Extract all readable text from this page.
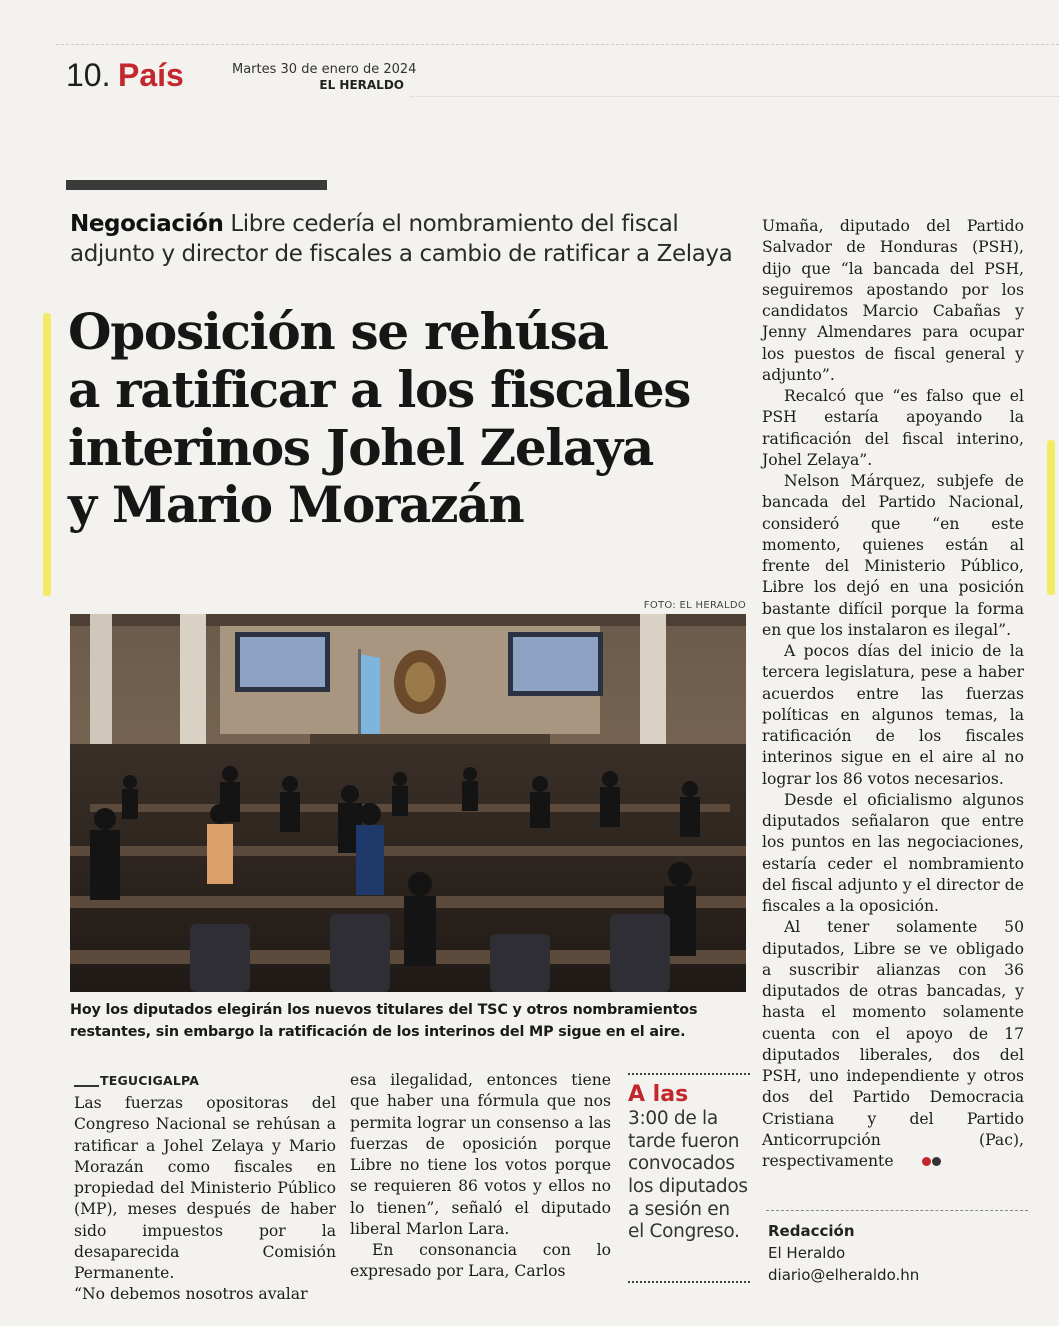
10. País	Martes 30 de enero de 2024
EL HERALDO
Negociación Libre cedería el nombramiento del fiscal adjunto y director de fiscales a cambio de ratificar a Zelaya
Oposición se rehúsa
a ratificar a los fiscales
interinos Johel Zelaya
y Mario Morazán
FOTO: EL HERALDO
Hoy los diputados elegirán los nuevos titulares del TSC y otros nombramientos restantes, sin embargo la ratificación de los interinos del MP sigue en el aire.

Umaña, diputado del Partido Salvador de Honduras (PSH), dijo que “la bancada del PSH, seguiremos apostando por los candidatos Marcio Cabañas y Jenny Almendares para ocupar los puestos de fiscal general y adjunto”.

Recalcó que “es falso que el PSH estaría apoyando la ratificación del fiscal interino, Johel Zelaya”.

Nelson Márquez, subjefe de bancada del Partido Nacional, consideró que “en este momento, quienes están al frente del Ministerio Público, Libre los dejó en una posición bastante difícil porque la forma en que los instalaron es ilegal”.

A pocos días del inicio de la tercera legislatura, pese a haber acuerdos entre las fuerzas políticas en algunos temas, la ratificación de los fiscales interinos sigue en el aire al no lograr los 86 votos necesarios.

Desde el oficialismo algunos diputados señalaron que entre los puntos en las negociaciones, estaría ceder el nombramiento del fiscal adjunto y el director de fiscales a la oposición.

Al tener solamente 50 diputados, Libre se ve obligado a suscribir alianzas con 36 diputados de otras bancadas, y hasta el momento solamente cuenta con el apoyo de 17 diputados liberales, dos del PSH, uno independiente y otros dos del Partido Democracia Cristiana y del Partido Anticorrupción (Pac), respectivamente

TEGUCIGALPA

Las fuerzas opositoras del Congreso Nacional se rehúsan a ratificar a Johel Zelaya y Mario Morazán como fiscales en propiedad del Ministerio Público (MP), meses después de haber sido impuestos por la desaparecida Comisión Permanente.

“No debemos nosotros avalar

esa ilegalidad, entonces tiene que haber una fórmula que nos permita lograr un consenso a las fuerzas de oposición porque Libre no tiene los votos porque se requieren 86 votos y ellos no lo tienen”, señaló el diputado liberal Marlon Lara.

En consonancia con lo expresado por Lara, Carlos

A las
3:00 de la tarde fueron convocados los diputados a sesión en el Congreso.	Redacción
El Heraldo
diario@elheraldo.hn
